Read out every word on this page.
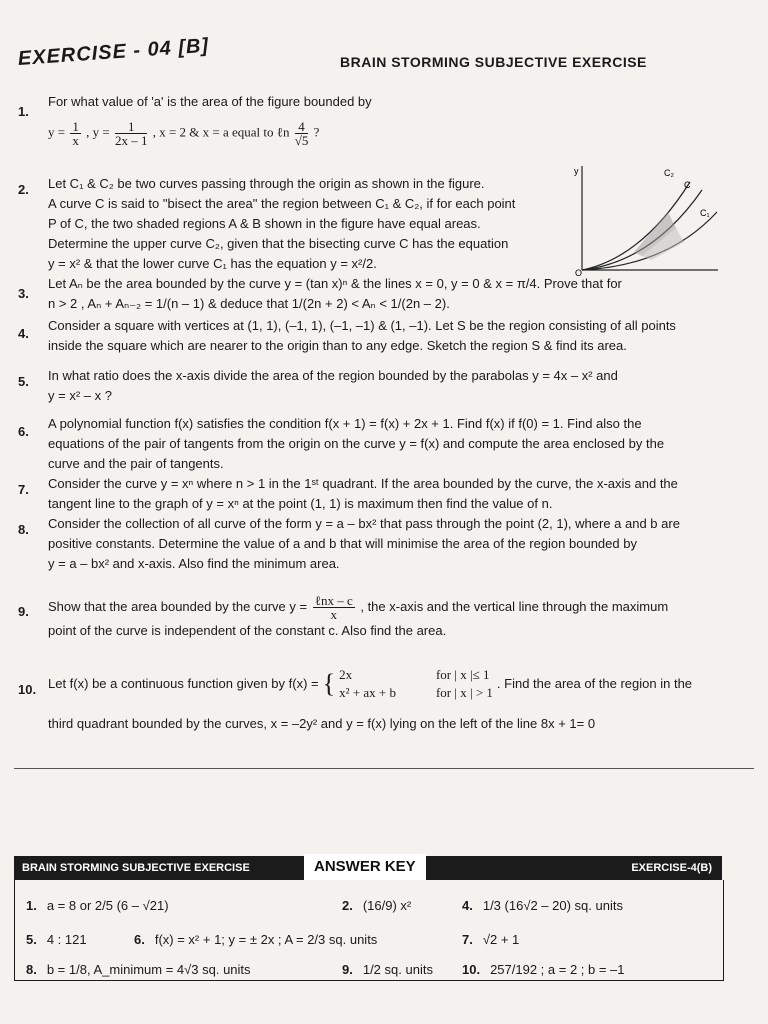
EXERCISE - 04 [B]	BRAIN STORMING SUBJECTIVE EXERCISE
1.
For what value of 'a' is the area of the figure bounded by
$y = \frac{1}{x}$ , $y = \frac{1}{2x - 1}$ , x = 2 & x = a equal to ℓn $\frac{4}{√5}$ ?
2. Let C₁ & C₂ be two curves passing through the origin as shown in the figure.
A curve C is said to "bisect the area" the region between C₁ & C₂, if for each point
P of C, the two shaded regions A & B shown in the figure have equal areas.
Determine the upper curve C₂, given that the bisecting curve C has the equation
y = x² & that the lower curve C₁ has the equation y = x²/2.
y	C₂
C
C₁
O
3.
Let Aₙ be the area bounded by the curve y = (tan x)ⁿ & the lines x = 0, y = 0 & x = π/4. Prove that for
n > 2 , Aₙ + Aₙ₋₂ = 1/(n – 1) & deduce that 1/(2n + 2) < Aₙ < 1/(2n – 2).
4.
Consider a square with vertices at (1, 1), (–1, 1), (–1, –1) & (1, –1). Let S be the region consisting of all points
inside the square which are nearer to the origin than to any edge. Sketch the region S & find its area.
5. In what ratio does the x-axis divide the area of the region bounded by the parabolas y = 4x – x² and
y = x² – x ?
6.
A polynomial function f(x) satisfies the condition f(x + 1) = f(x) + 2x + 1. Find f(x) if f(0) = 1. Find also the
equations of the pair of tangents from the origin on the curve y = f(x) and compute the area enclosed by the
curve and the pair of tangents.
7. Consider the curve y = xⁿ where n > 1 in the 1ˢᵗ quadrant. If the area bounded by the curve, the x-axis and the
tangent line to the graph of y = xⁿ at the point (1, 1) is maximum then find the value of n.
8. Consider the collection of all curve of the form y = a – bx² that pass through the point (2, 1), where a and b are
positive constants. Determine the value of a and b that will minimise the area of the region bounded by
y = a – bx² and x-axis. Also find the minimum area.
9. Show that the area bounded by the curve $y = \frac{\text{ℓnx – c}}{x}$ , the x-axis and the vertical line through the maximum
point of the curve is independent of the constant c. Also find the area.
10. Let f(x) be a continuous function given by f(x) = { 2x	for | x |≤ 1
x² + ax + b	for | x | > 1
. Find the area of the region in the
third quadrant bounded by the curves, x = –2y² and y = f(x) lying on the left of the line 8x + 1= 0
BRAIN STORMING SUBJECTIVE EXERCISE	ANSWER KEY	EXERCISE-4(B)
1. a = 8 or 2/5 (6 – √21)	2. (16/9) x²	4. 1/3 (16√2 – 20) sq. units
5. 4 : 121	6. f(x) = x² + 1; y = ± 2x ; A = 2/3 sq. units	7. √2 + 1
8. b = 1/8, A_minimum = 4√3 sq. units	9. 1/2 sq. units 10. 257/192 ; a = 2 ; b = –1
